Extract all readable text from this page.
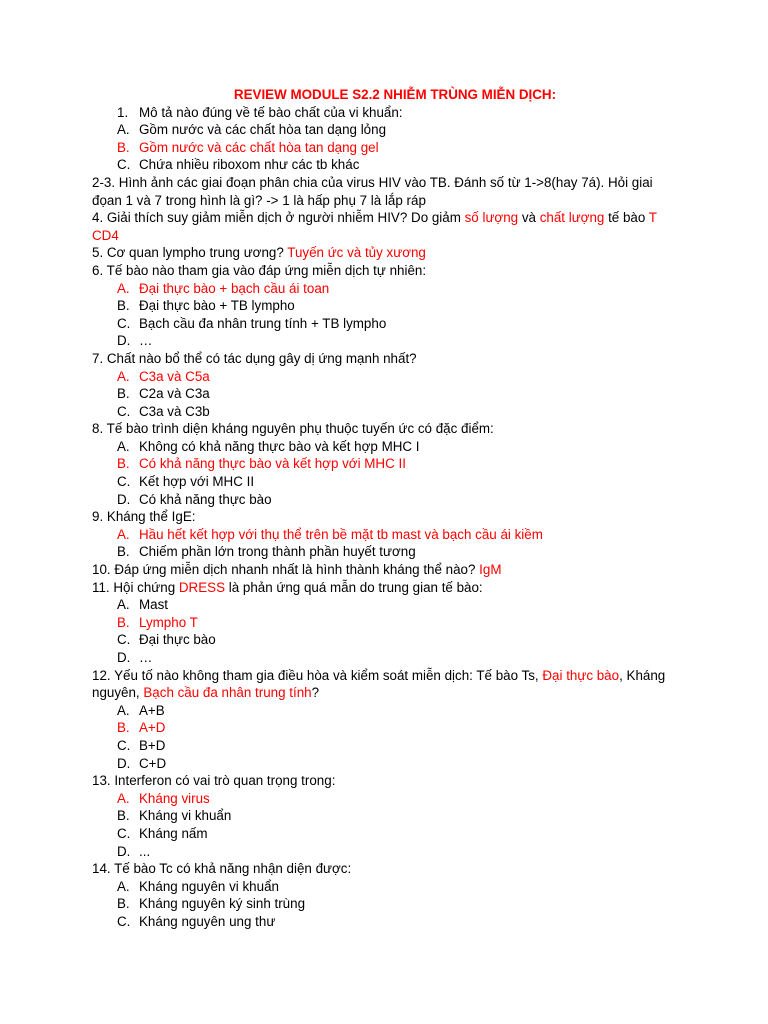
REVIEW MODULE S2.2 NHIỄM TRÙNG MIỄN DỊCH:
1. Mô tả nào đúng về tế bào chất của vi khuẩn:
A. Gồm nước và các chất hòa tan dạng lỏng
B. Gồm nước và các chất hòa tan dạng gel
C. Chứa nhiều riboxom như các tb khác
2-3. Hình ảnh các giai đoạn phân chia của virus HIV vào TB. Đánh số từ 1->8(hay 7á). Hỏi giai đọan 1 và 7 trong hình là gì? -> 1 là hấp phụ 7 là lắp ráp
4. Giải thích suy giảm miễn dịch ở người nhiễm HIV? Do giảm số lượng và chất lượng tế bào T CD4
5. Cơ quan lympho trung ương? Tuyến ức và tủy xương
6. Tế bào nào tham gia vào đáp ứng miễn dịch tự nhiên:
A. Đại thực bào + bạch cầu ái toan
B. Đại thực bào + TB lympho
C. Bạch cầu đa nhân trung tính + TB lympho
D. …
7. Chất nào bổ thể có tác dụng gây dị ứng mạnh nhất?
A. C3a và C5a
B. C2a và C3a
C. C3a và C3b
8. Tế bào trình diện kháng nguyên phụ thuộc tuyến ức có đặc điểm:
A. Không có khả năng thực bào và kết hợp MHC I
B. Có khả năng thực bào và kết hợp với MHC II
C. Kết hợp với MHC II
D. Có khả năng thực bào
9. Kháng thể IgE:
A. Hầu hết kết hợp với thụ thể trên bề mặt tb mast và bạch cầu ái kiềm
B. Chiếm phần lớn trong thành phần huyết tương
10. Đáp ứng miễn dịch nhanh nhất là hình thành kháng thể nào? IgM
11. Hội chứng DRESS là phản ứng quá mẫn do trung gian tế bào:
A. Mast
B. Lympho T
C. Đại thực bào
D. …
12. Yếu tố nào không tham gia điều hòa và kiểm soát miễn dịch: Tế bào Ts, Đại thực bào, Kháng nguyên, Bạch cầu đa nhân trung tính?
A. A+B
B. A+D
C. B+D
D. C+D
13. Interferon có vai trò quan trọng trong:
A. Kháng virus
B. Kháng vi khuẩn
C. Kháng nấm
D. ...
14. Tế bào Tc có khả năng nhận diện được:
A. Kháng nguyên vi khuẩn
B. Kháng nguyên ký sinh trùng
C. Kháng nguyên ung thư
